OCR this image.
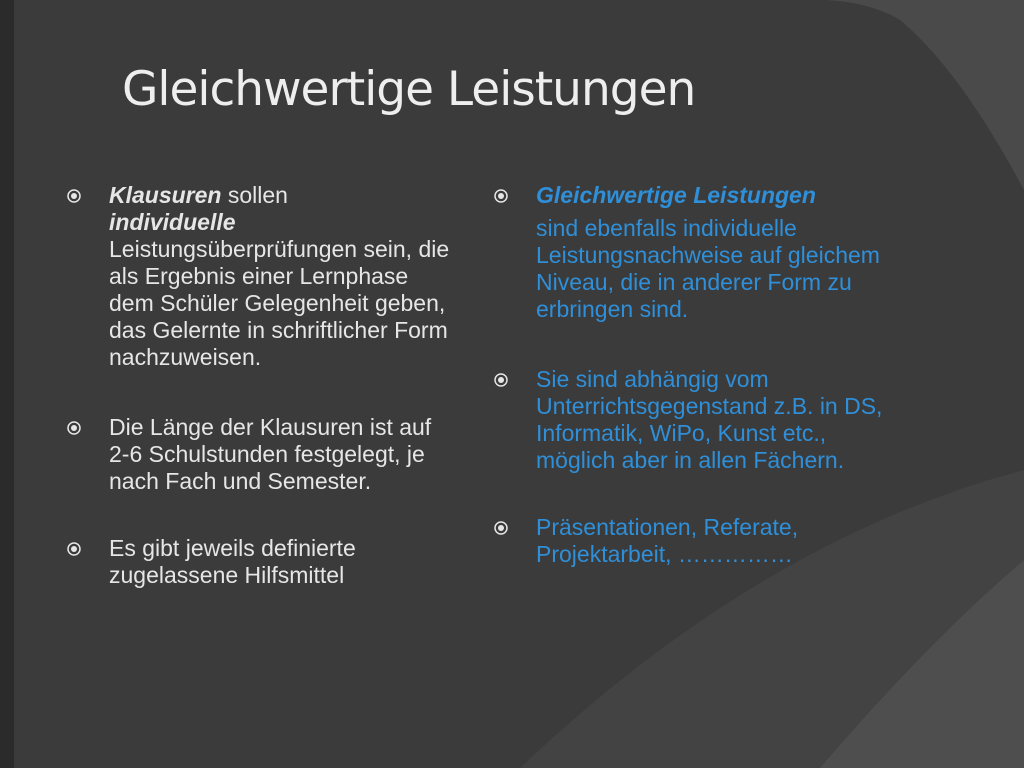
Gleichwertige Leistungen
Klausuren sollen
individuelle
Leistungsüberprüfungen sein, die als Ergebnis einer Lernphase dem Schüler Gelegenheit geben, das Gelernte in schriftlicher Form nachzuweisen.
Die Länge der Klausuren ist auf 2-6 Schulstunden festgelegt, je nach Fach und Semester.
Es gibt jeweils definierte zugelassene Hilfsmittel
Gleichwertige Leistungen
sind ebenfalls individuelle Leistungsnachweise auf gleichem Niveau, die in anderer Form zu erbringen sind.
Sie sind abhängig vom Unterrichtsgegenstand z.B. in DS, Informatik, WiPo, Kunst etc., möglich aber in allen Fächern.
Präsentationen, Referate, Projektarbeit, ……………
